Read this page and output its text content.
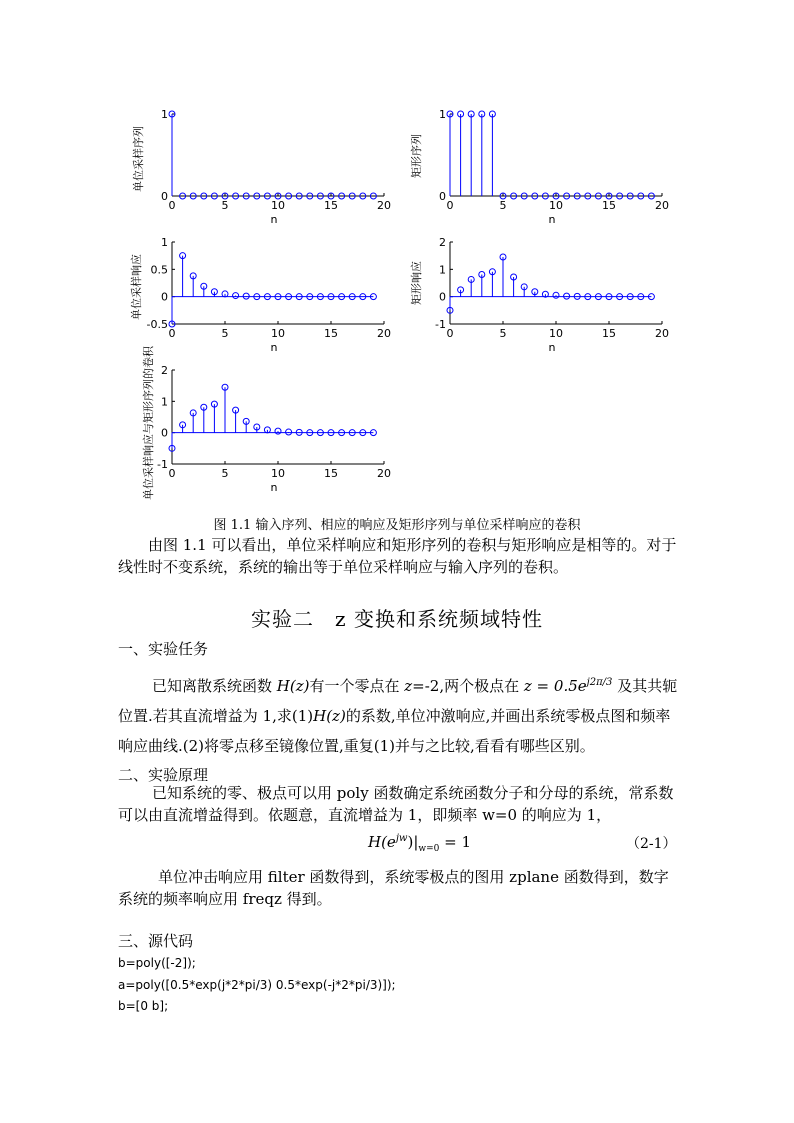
0	5	10	15	20
0
1
n
单位采样序列
0	5	10	15	20
0
1
n
矩形序列
0	5	10	15	20
-0.5
0
0.5
1
n
单位采样响应
0	5	10	15	20
-1
0
1
2
n
矩形响应
0	5	10	15	20
-1
0
1
2
n
单位采样响应与矩形序列的卷积
图 1.1 输入序列、相应的响应及矩形序列与单位采样响应的卷积
由图 1.1 可以看出，单位采样响应和矩形序列的卷积与矩形响应是相等的。对于线性时不变系统，系统的输出等于单位采样响应与输入序列的卷积。
实验二　z 变换和系统频域特性
一、实验任务
已知离散系统函数 H(z)有一个零点在 z=-2,两个极点在 $z = 0.5e^{j2\pi/3}$ 及其共轭位置.若其直流增益为 1,求(1)H(z)的系数,单位冲激响应,并画出系统零极点图和频率响应曲线.(2)将零点移至镜像位置,重复(1)并与之比较,看看有哪些区别。
二、实验原理
已知系统的零、极点可以用 poly 函数确定系统函数分子和分母的系统，常系数可以由直流增益得到。依题意，直流增益为 1，即频率 w=0 的响应为 1，
$H(e^{jw})|_{w=0} = 1$	（2-1）
单位冲击响应用 filter 函数得到，系统零极点的图用 zplane 函数得到，数字系统的频率响应用 freqz 得到。
三、源代码
b=poly([-2]);
a=poly([0.5*exp(j*2*pi/3) 0.5*exp(-j*2*pi/3)]);
b=[0 b];
